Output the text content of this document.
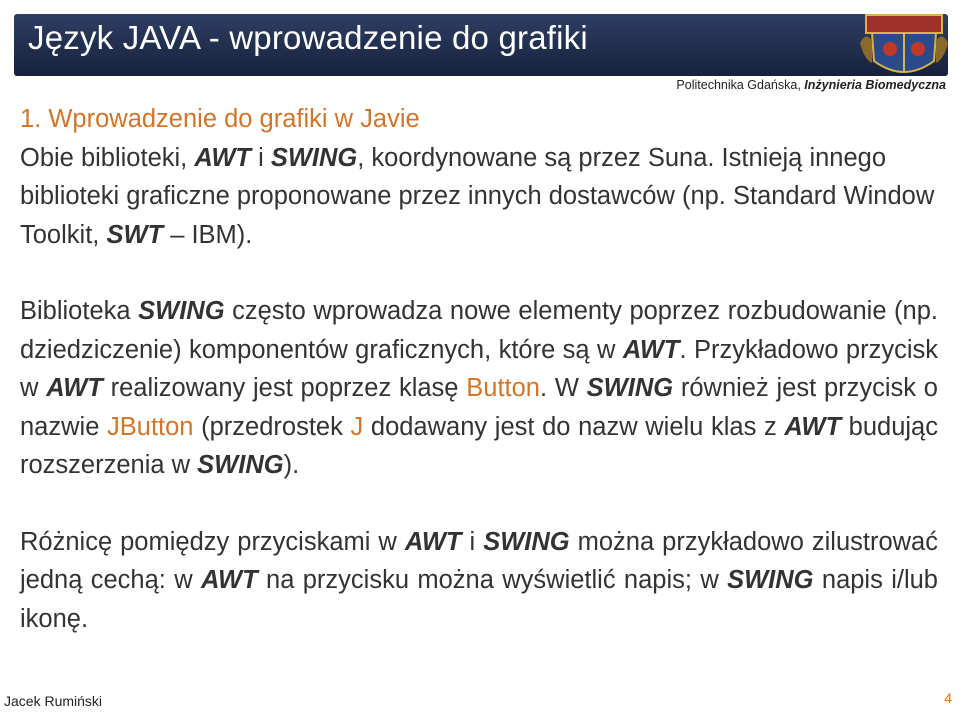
Język JAVA - wprowadzenie do grafiki
Politechnika Gdańska, Inżynieria Biomedyczna

1. Wprowadzenie do grafiki w Javie

Obie biblioteki, AWT i SWING, koordynowane są przez Suna. Istnieją innego biblioteki graficzne proponowane przez innych dostawców (np. Standard Window Toolkit, SWT – IBM).

Biblioteka SWING często wprowadza nowe elementy poprzez rozbudowanie (np. dziedziczenie) komponentów graficznych, które są w AWT. Przykładowo przycisk w AWT realizowany jest poprzez klasę Button. W SWING również jest przycisk o nazwie JButton (przedrostek J dodawany jest do nazw wielu klas z AWT budując rozszerzenia w SWING).

Różnicę pomiędzy przyciskami w AWT i SWING można przykładowo zilustrować jedną cechą: w AWT na przycisku można wyświetlić napis; w SWING napis i/lub ikonę.

Jacek Rumiński	4
